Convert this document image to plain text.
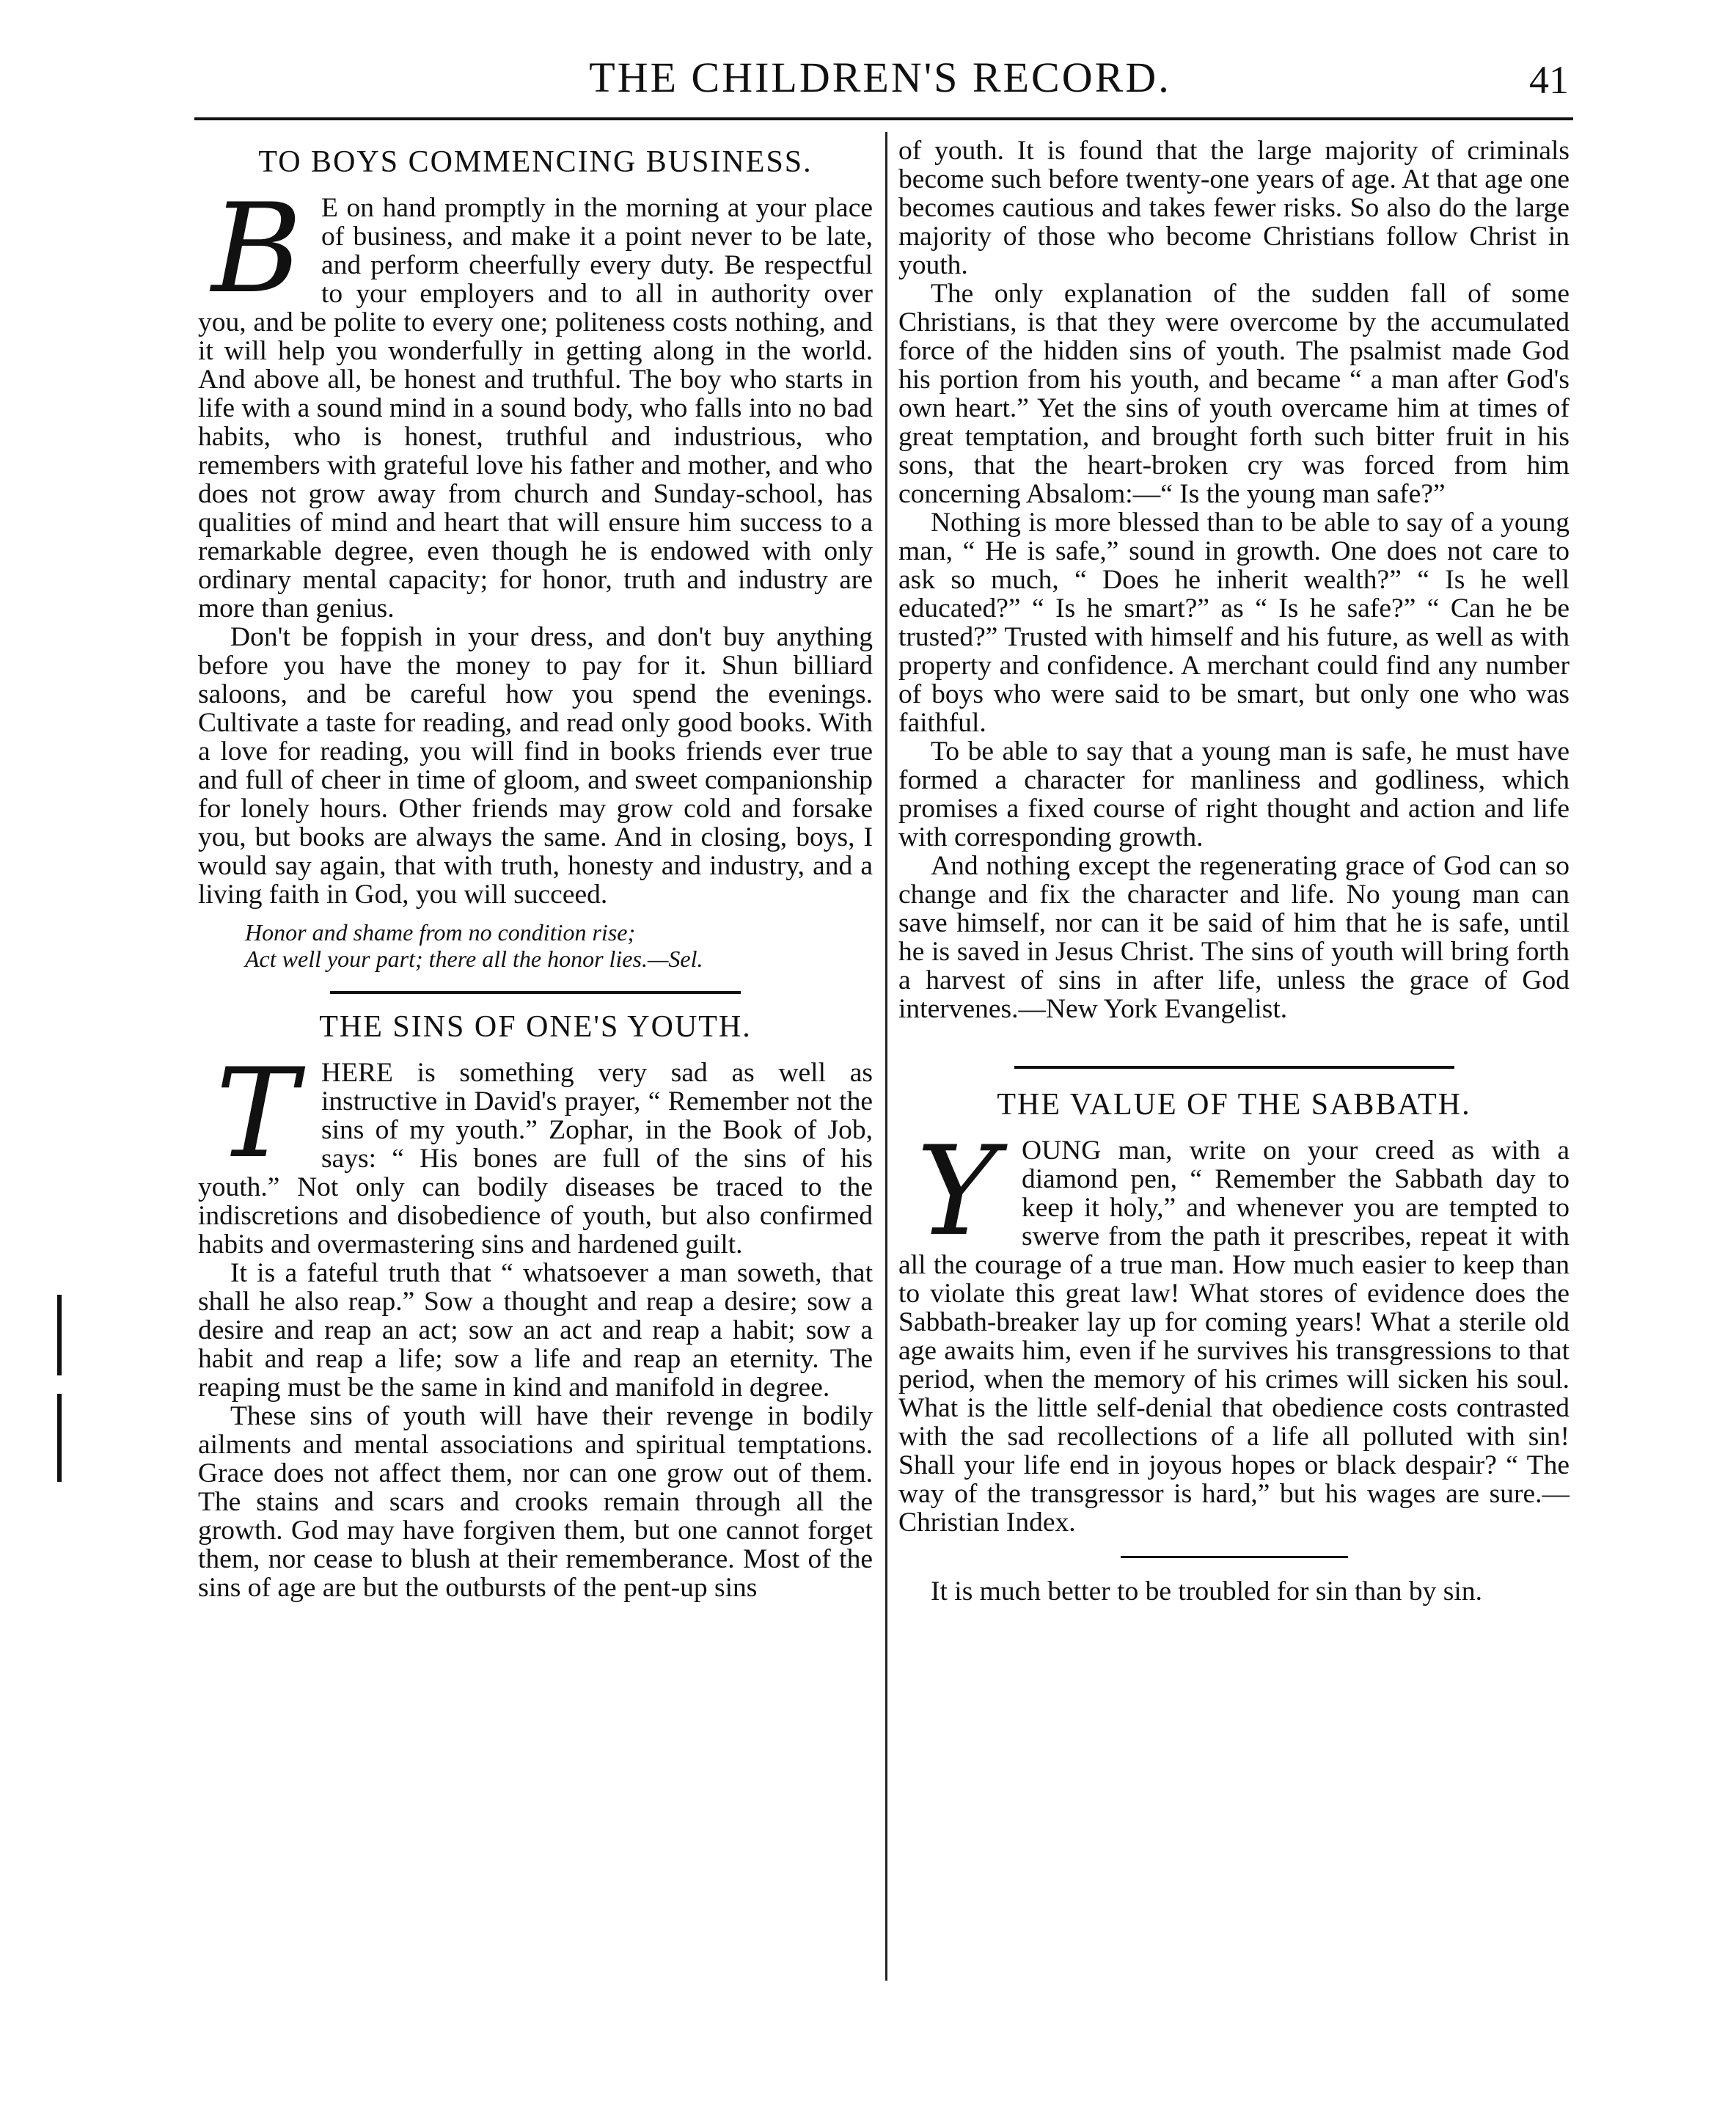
THE CHILDREN'S RECORD.	41
TO BOYS COMMENCING BUSINESS.

B E on hand promptly in the morning at your place of business, and make it a point never to be late, and perform cheerfully every duty. Be respectful to your employers and to all in authority over you, and be polite to every one; politeness costs nothing, and it will help you wonderfully in getting along in the world. And above all, be honest and truthful. The boy who starts in life with a sound mind in a sound body, who falls into no bad habits, who is honest, truthful and industrious, who remembers with grateful love his father and mother, and who does not grow away from church and Sunday-school, has qualities of mind and heart that will ensure him success to a remarkable degree, even though he is endowed with only ordinary mental capacity; for honor, truth and industry are more than genius.

Don't be foppish in your dress, and don't buy anything before you have the money to pay for it. Shun billiard saloons, and be careful how you spend the evenings. Cultivate a taste for reading, and read only good books. With a love for reading, you will find in books friends ever true and full of cheer in time of gloom, and sweet companionship for lonely hours. Other friends may grow cold and forsake you, but books are always the same. And in closing, boys, I would say again, that with truth, honesty and industry, and a living faith in God, you will succeed.

Honor and shame from no condition rise;
Act well your part; there all the honor lies.—Sel.
THE SINS OF ONE'S YOUTH.

THERE is something very sad as well as instructive in David's prayer, “ Remember not the sins of my youth.” Zophar, in the Book of Job, says: “ His bones are full of the sins of his youth.” Not only can bodily diseases be traced to the indiscretions and disobedience of youth, but also confirmed habits and overmastering sins and hardened guilt.

It is a fateful truth that “ whatsoever a man soweth, that shall he also reap.” Sow a thought and reap a desire; sow a desire and reap an act; sow an act and reap a habit; sow a habit and reap a life; sow a life and reap an eternity. The reaping must be the same in kind and manifold in degree.

These sins of youth will have their revenge in bodily ailments and mental associations and spiritual temptations. Grace does not affect them, nor can one grow out of them. The stains and scars and crooks remain through all the growth. God may have forgiven them, but one cannot forget them, nor cease to blush at their rememberance. Most of the sins of age are but the outbursts of the pent-up sins

of youth. It is found that the large majority of criminals become such before twenty-one years of age. At that age one becomes cautious and takes fewer risks. So also do the large majority of those who become Christians follow Christ in youth.

The only explanation of the sudden fall of some Christians, is that they were overcome by the accumulated force of the hidden sins of youth. The psalmist made God his portion from his youth, and became “ a man after God's own heart.” Yet the sins of youth overcame him at times of great temptation, and brought forth such bitter fruit in his sons, that the heart-broken cry was forced from him concerning Absalom:—“ Is the young man safe?”

Nothing is more blessed than to be able to say of a young man, “ He is safe,” sound in growth. One does not care to ask so much, “ Does he inherit wealth?” “ Is he well educated?” “ Is he smart?” as “ Is he safe?” “ Can he be trusted?” Trusted with himself and his future, as well as with property and confidence. A merchant could find any number of boys who were said to be smart, but only one who was faithful.

To be able to say that a young man is safe, he must have formed a character for manliness and godliness, which promises a fixed course of right thought and action and life with corresponding growth.

And nothing except the regenerating grace of God can so change and fix the character and life. No young man can save himself, nor can it be said of him that he is safe, until he is saved in Jesus Christ. The sins of youth will bring forth a harvest of sins in after life, unless the grace of God intervenes.—New York Evangelist.

THE VALUE OF THE SABBATH.

YOUNG man, write on your creed as with a diamond pen, “ Remember the Sabbath day to keep it holy,” and whenever you are tempted to swerve from the path it prescribes, repeat it with all the courage of a true man. How much easier to keep than to violate this great law! What stores of evidence does the Sabbath-breaker lay up for coming years! What a sterile old age awaits him, even if he survives his transgressions to that period, when the memory of his crimes will sicken his soul. What is the little self-denial that obedience costs contrasted with the sad recollections of a life all polluted with sin! Shall your life end in joyous hopes or black despair? “ The way of the transgressor is hard,” but his wages are sure.—Christian Index.

It is much better to be troubled for sin than by sin.
